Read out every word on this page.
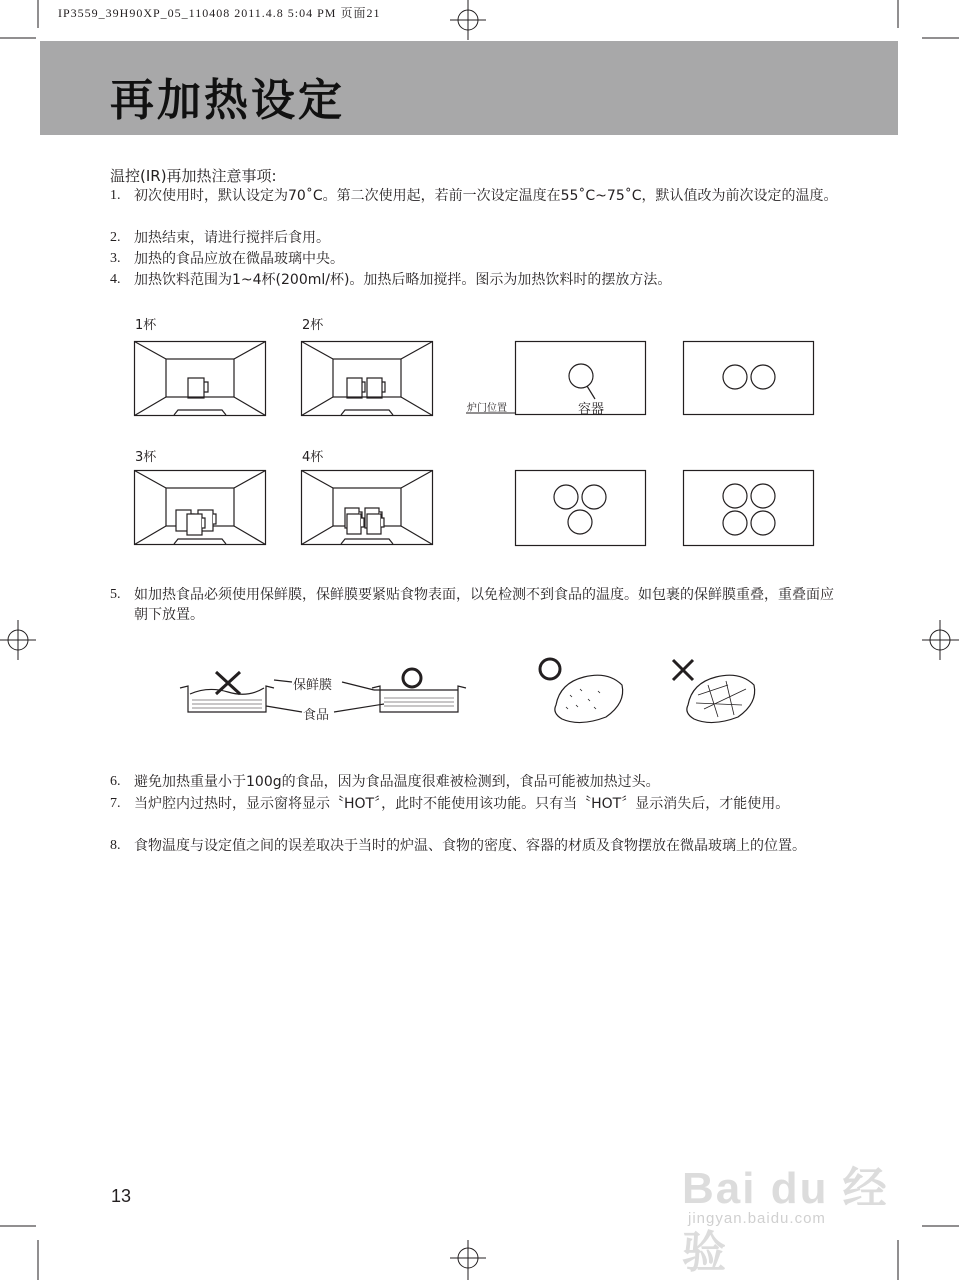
IP3559_39H90XP_05_110408 2011.4.8 5:04 PM 页面21
再加热设定
温控(IR)再加热注意事项:
1. 初次使用时，默认设定为70˚C。第二次使用起，若前一次设定温度在55˚C~75˚C，默认值改为前次设定的温度。
2. 加热结束，请进行搅拌后食用。
3. 加热的食品应放在微晶玻璃中央。
4. 加热饮料范围为1~4杯(200ml/杯)。加热后略加搅拌。图示为加热饮料时的摆放方法。
1杯	2杯
3杯	4杯
容器
炉门位置
5. 如加热食品必须使用保鲜膜，保鲜膜要紧贴食物表面，以免检测不到食品的温度。如包裹的保鲜膜重叠，重叠面应朝下放置。
保鲜膜
食品
6. 避免加热重量小于100g的食品，因为食品温度很难被检测到，食品可能被加热过头。
7. 当炉腔内过热时，显示窗将显示〝HOT〞，此时不能使用该功能。只有当〝HOT〞显示消失后，才能使用。
8. 食物温度与设定值之间的误差取决于当时的炉温、食物的密度、容器的材质及食物摆放在微晶玻璃上的位置。
13	Bai du 经验
jingyan.baidu.com
